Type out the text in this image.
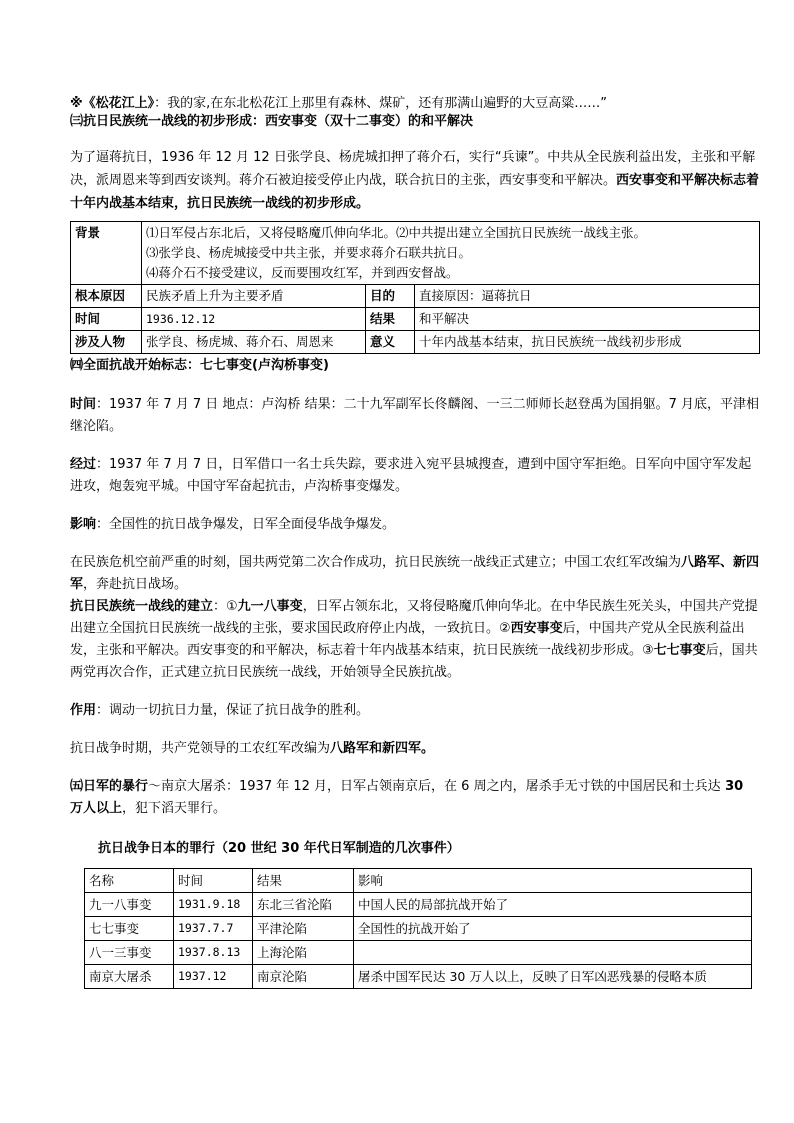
※《松花江上》：我的家,在东北松花江上那里有森林、煤矿，还有那满山遍野的大豆高粱……”
㈢抗日民族统一战线的初步形成：西安事变（双十二事变）的和平解决
为了逼蒋抗日，1936 年 12 月 12 日张学良、杨虎城扣押了蒋介石，实行“兵谏”。中共从全民族利益出发，主张和平解决，派周恩来等到西安谈判。蒋介石被迫接受停止内战，联合抗日的主张，西安事变和平解决。西安事变和平解决标志着十年内战基本结束，抗日民族统一战线的初步形成。
背景	⑴日军侵占东北后，又将侵略魔爪伸向华北。⑵中共提出建立全国抗日民族统一战线主张。
⑶张学良、杨虎城接受中共主张，并要求蒋介石联共抗日。
⑷蒋介石不接受建议，反而要围攻红军，并到西安督战。		

根本原因	民族矛盾上升为主要矛盾	目的	直接原因：逼蒋抗日
时间	1936.12.12	结果	和平解决
涉及人物	张学良、杨虎城、蒋介石、周恩来	意义	十年内战基本结束，抗日民族统一战线初步形成
㈣全面抗战开始标志：七七事变(卢沟桥事变)

时间：1937 年 7 月 7 日 地点：卢沟桥 结果：二十九军副军长佟麟阁、一三二师师长赵登禹为国捐躯。7 月底，平津相继沦陷。

经过：1937 年 7 月 7 日，日军借口一名士兵失踪，要求进入宛平县城搜查，遭到中国守军拒绝。日军向中国守军发起进攻，炮轰宛平城。中国守军奋起抗击，卢沟桥事变爆发。

影响：全国性的抗日战争爆发，日军全面侵华战争爆发。

在民族危机空前严重的时刻，国共两党第二次合作成功，抗日民族统一战线正式建立；中国工农红军改编为八路军、新四军，奔赴抗日战场。

抗日民族统一战线的建立：①九一八事变，日军占领东北，又将侵略魔爪伸向华北。在中华民族生死关头，中国共产党提出建立全国抗日民族统一战线的主张，要求国民政府停止内战，一致抗日。②西安事变后，中国共产党从全民族利益出发，主张和平解决。西安事变的和平解决，标志着十年内战基本结束，抗日民族统一战线初步形成。③七七事变后，国共两党再次合作，正式建立抗日民族统一战线，开始领导全民族抗战。

作用：调动一切抗日力量，保证了抗日战争的胜利。

抗日战争时期，共产党领导的工农红军改编为八路军和新四军。

㈤日军的暴行～南京大屠杀：1937 年 12 月，日军占领南京后，在 6 周之内，屠杀手无寸铁的中国居民和士兵达 30 万人以上，犯下滔天罪行。

抗日战争日本的罪行（20 世纪 30 年代日军制造的几次事件）
名称	时间	结果	影响
九一八事变	1931.9.18	东北三省沦陷	中国人民的局部抗战开始了
七七事变	1937.7.7	平津沦陷	全国性的抗战开始了
八一三事变	1937.8.13	上海沦陷	
南京大屠杀	1937.12	南京沦陷	屠杀中国军民达 30 万人以上，反映了日军凶恶残暴的侵略本质
